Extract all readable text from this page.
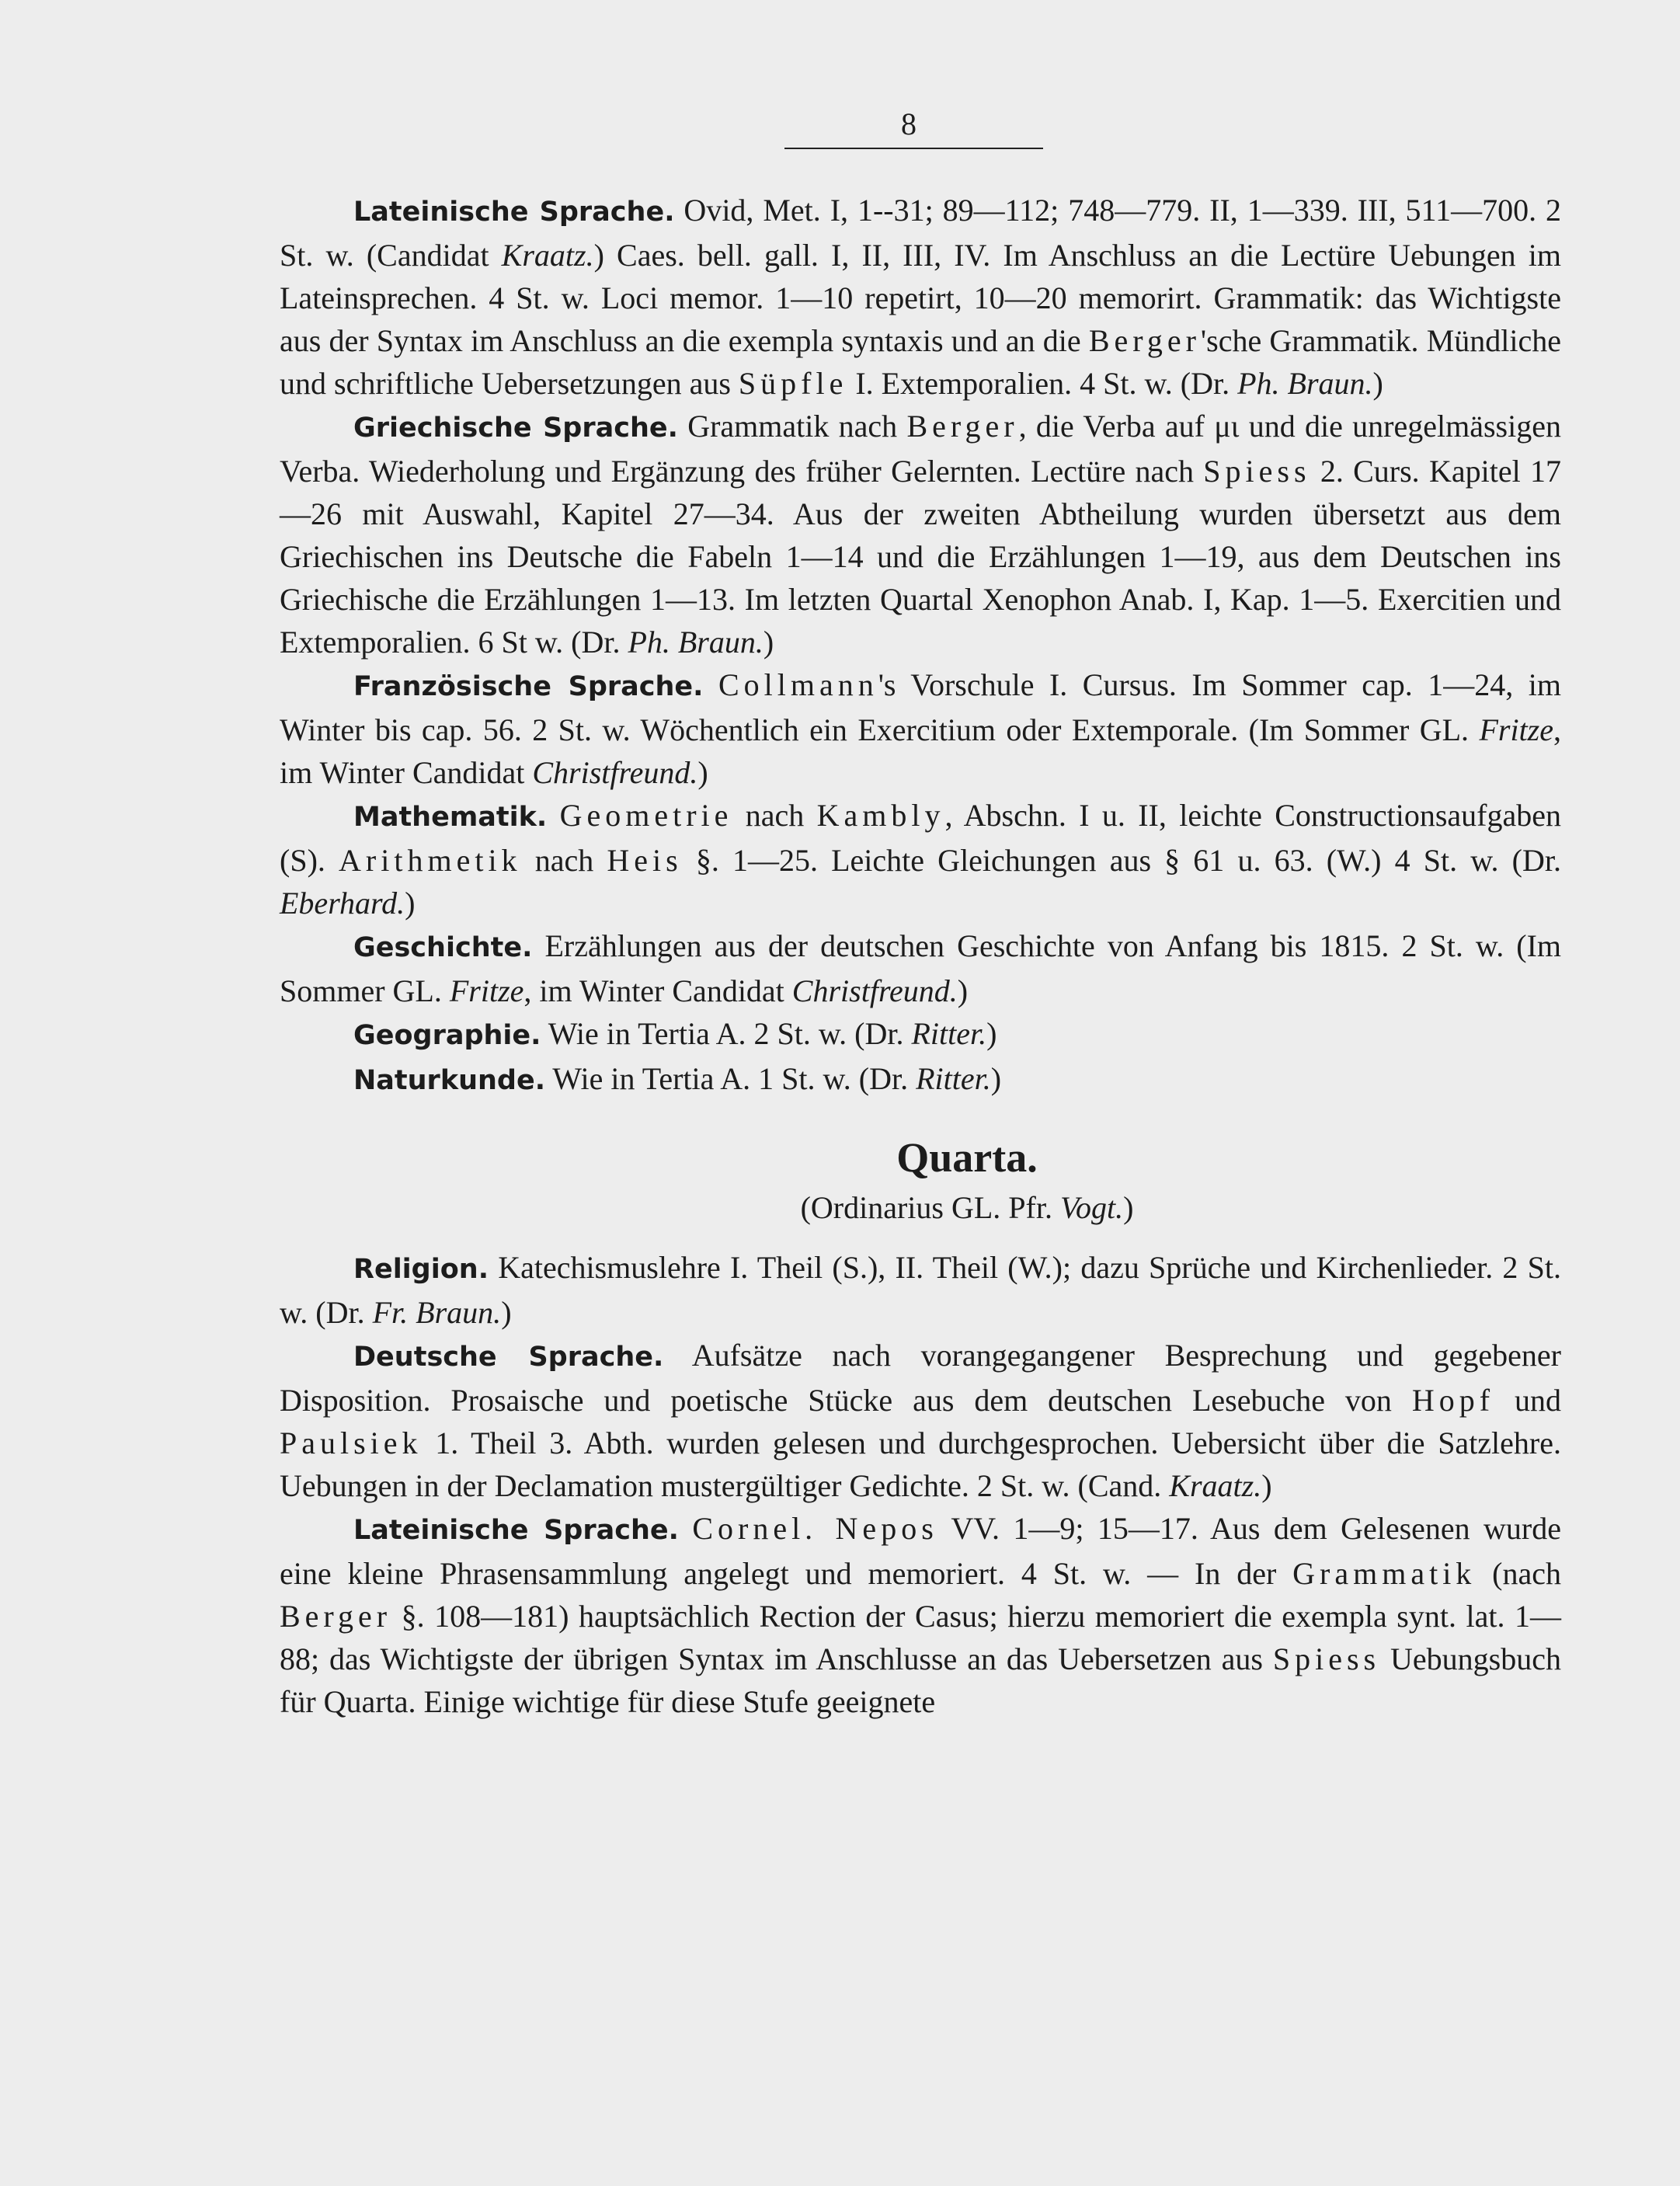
8

Lateinische Sprache. Ovid, Met. I, 1--31; 89—112; 748—779. II, 1—339. III, 511—700. 2 St. w. (Candidat Kraatz.) Caes. bell. gall. I, II, III, IV. Im Anschluss an die Lectüre Uebungen im Lateinsprechen. 4 St. w. Loci memor. 1—10 repetirt, 10—20 memorirt. Grammatik: das Wichtigste aus der Syntax im Anschluss an die exempla syntaxis und an die Berger'sche Grammatik. Mündliche und schriftliche Uebersetzungen aus Süpfle I. Extemporalien. 4 St. w. (Dr. Ph. Braun.)

Griechische Sprache. Grammatik nach Berger, die Verba auf μι und die unregelmässigen Verba. Wiederholung und Ergänzung des früher Gelernten. Lectüre nach Spiess 2. Curs. Kapitel 17—26 mit Auswahl, Kapitel 27—34. Aus der zweiten Abtheilung wurden übersetzt aus dem Griechischen ins Deutsche die Fabeln 1—14 und die Erzählungen 1—19, aus dem Deutschen ins Griechische die Erzählungen 1—13. Im letzten Quartal Xenophon Anab. I, Kap. 1—5. Exercitien und Extemporalien. 6 St w. (Dr. Ph. Braun.)

Französische Sprache. Collmann's Vorschule I. Cursus. Im Sommer cap. 1—24, im Winter bis cap. 56. 2 St. w. Wöchentlich ein Exercitium oder Extemporale. (Im Sommer GL. Fritze, im Winter Candidat Christfreund.)

Mathematik. Geometrie nach Kambly, Abschn. I u. II, leichte Constructionsaufgaben (S). Arithmetik nach Heis §. 1—25. Leichte Gleichungen aus § 61 u. 63. (W.) 4 St. w. (Dr. Eberhard.)

Geschichte. Erzählungen aus der deutschen Geschichte von Anfang bis 1815. 2 St. w. (Im Sommer GL. Fritze, im Winter Candidat Christfreund.)

Geographie. Wie in Tertia A. 2 St. w. (Dr. Ritter.)

Naturkunde. Wie in Tertia A. 1 St. w. (Dr. Ritter.)

Quarta.
(Ordinarius GL. Pfr. Vogt.)

Religion. Katechismuslehre I. Theil (S.), II. Theil (W.); dazu Sprüche und Kirchenlieder. 2 St. w. (Dr. Fr. Braun.)

Deutsche Sprache. Aufsätze nach vorangegangener Besprechung und gegebener Disposition. Prosaische und poetische Stücke aus dem deutschen Lesebuche von Hopf und Paulsiek 1. Theil 3. Abth. wurden gelesen und durchgesprochen. Uebersicht über die Satzlehre. Uebungen in der Declamation mustergültiger Gedichte. 2 St. w. (Cand. Kraatz.)

Lateinische Sprache. Cornel. Nepos VV. 1—9; 15—17. Aus dem Gelesenen wurde eine kleine Phrasensammlung angelegt und memoriert. 4 St. w. — In der Grammatik (nach Berger §. 108—181) hauptsächlich Rection der Casus; hierzu memoriert die exempla synt. lat. 1—88; das Wichtigste der übrigen Syntax im Anschlusse an das Uebersetzen aus Spiess Uebungsbuch für Quarta. Einige wichtige für diese Stufe geeignete
